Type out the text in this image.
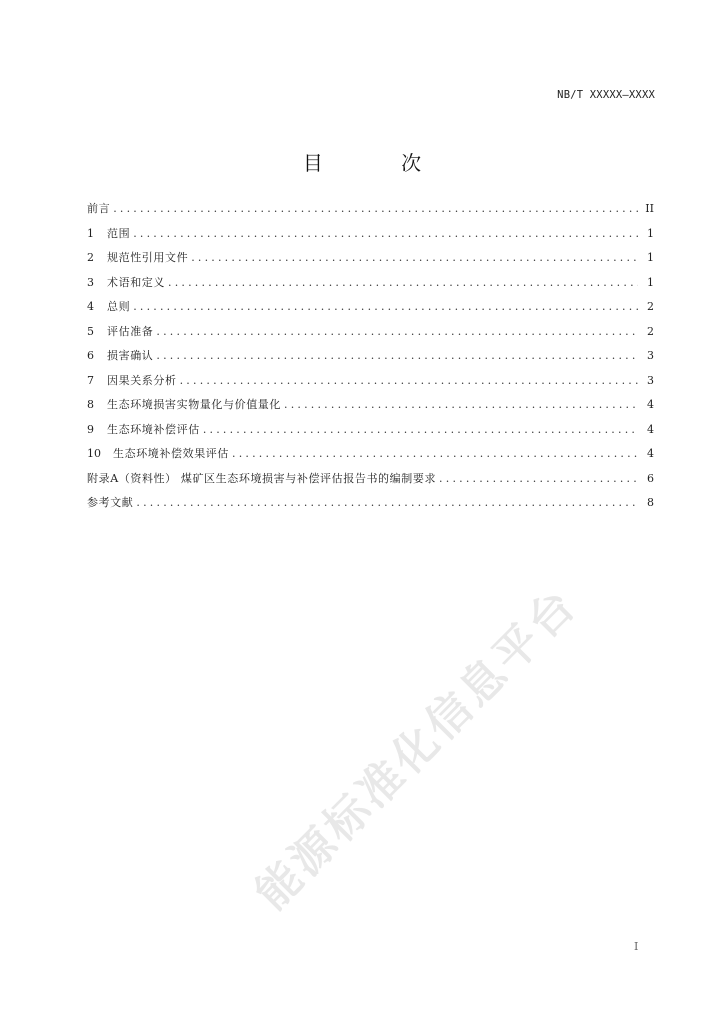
NB/T XXXXX—XXXX
目 次
前言 .....	II
1	范围 .....	1
2	规范性引用文件 .....	1
3	术语和定义 .....	1
4	总则 .....	2
5	评估准备 .....	2
6	损害确认 .....	3
7	因果关系分析 .....	3
8	生态环境损害实物量化与价值量化 .....	4
9	生态环境补偿评估 .....	4
10	生态环境补偿效果评估 .....	4
附录A（资料性） 煤矿区生态环境损害与补偿评估报告书的编制要求 .....	6
参考文献 .....	8
能源标准化信息平台
I
